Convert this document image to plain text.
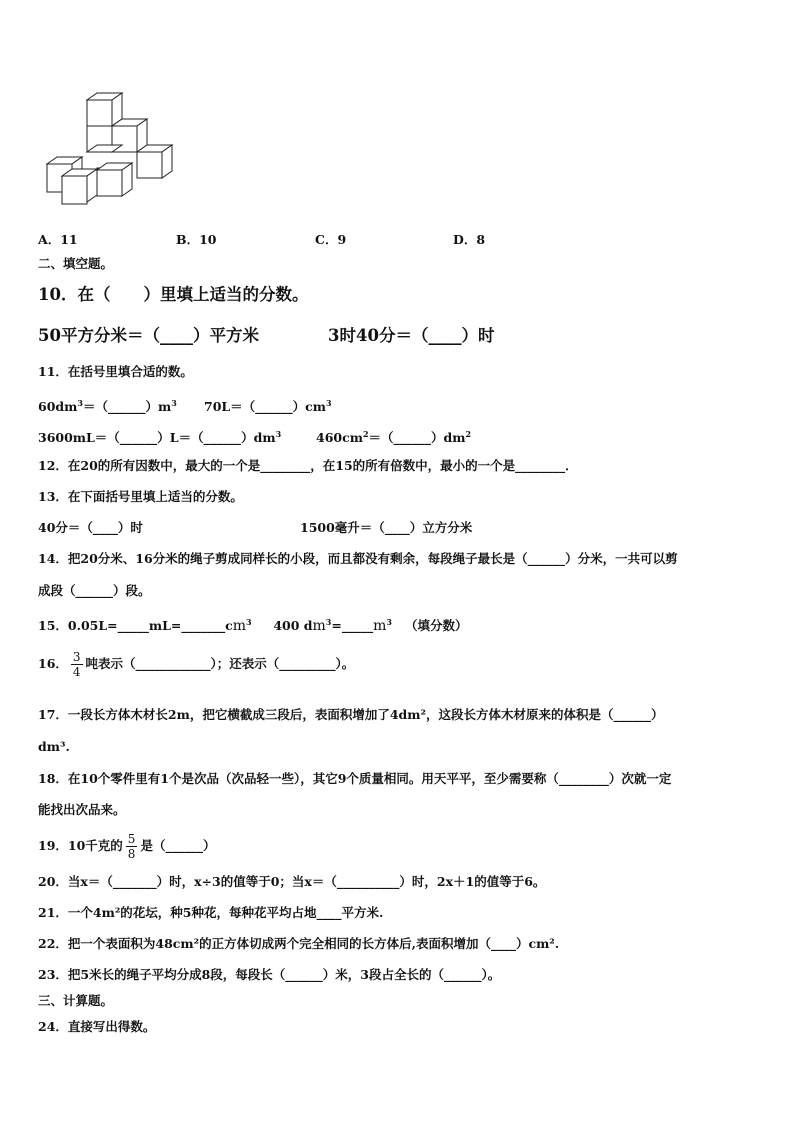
A．11	B．10	C．9	D．8
二、填空题。
10．在（　　）里填上适当的分数。
50平方分米＝（____）平方米	3时40分＝（____）时
11．在括号里填合适的数。
$60dm^3=(\_\_\_\_\_\_)m^3$ $70L=(\_\_\_\_\_\_)cm^3$
$3600mL=(\_\_\_\_\_\_)L=(\_\_\_\_\_\_)dm^3$	$460cm^2=(\_\_\_\_\_\_)dm^2$
12．在20的所有因数中，最大的一个是________，在15的所有倍数中，最小的一个是________．
13．在下面括号里填上适当的分数。
40分＝（____）时	1500毫升＝（____）立方分米
14．把20分米、16分米的绳子剪成同样长的小段，而且都没有剩余，每段绳子最长是（______）分米，一共可以剪
成段（______）段。
15．$0.05L=\_\_\_\_\_mL=\_\_\_\_\_\_\_cm^3$ 400 $dm^3=\_\_\_\_\_m^3$ （填分数）
16． $\frac{3}{4}$ 吨表示（____________）；还表示（_________）。
17．一段长方体木材长2m，把它横截成三段后，表面积增加了4dm²，这段长方体木材原来的体积是（______）
dm³.
18．在10个零件里有1个是次品（次品轻一些），其它9个质量相同。用天平平，至少需要称（________）次就一定
能找出次品来。
19．10千克的 $\frac{5}{8}$ 是（______）
20．当x＝（_______）时，x÷3的值等于0；当x＝（__________）时，2x＋1的值等于6。
21．一个4m²的花坛，种5种花，每种花平均占地____平方米.
22．把一个表面积为48cm²的正方体切成两个完全相同的长方体后,表面积增加（____）cm².
23．把5米长的绳子平均分成8段，每段长（______）米，3段占全长的（______）。
三、计算题。
24．直接写出得数。
